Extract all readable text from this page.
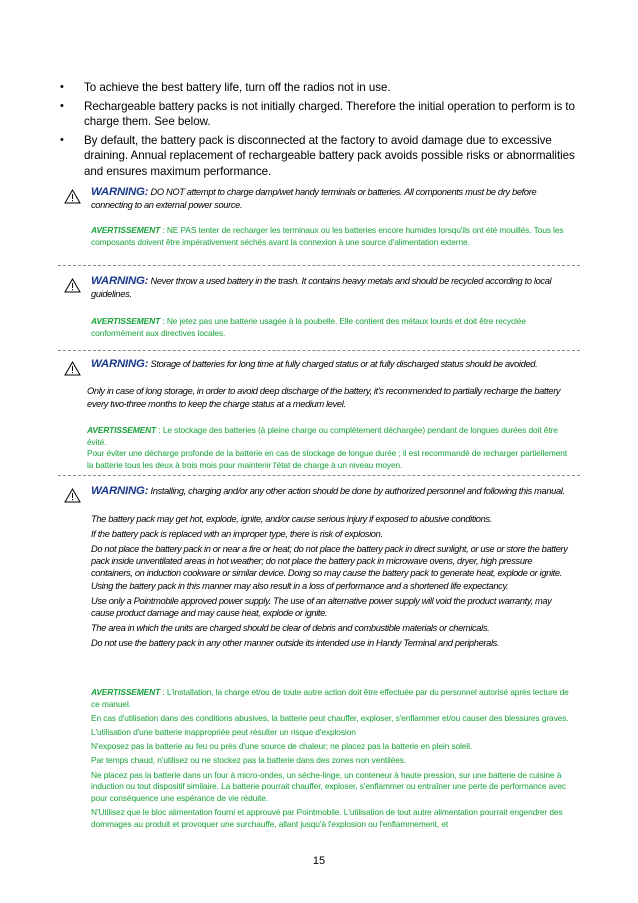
• To achieve the best battery life, turn off the radios not in use.
• Rechargeable battery packs is not initially charged. Therefore the initial operation to perform is to charge them. See below.
• By default, the battery pack is disconnected at the factory to avoid damage due to excessive draining. Annual replacement of rechargeable battery pack avoids possible risks or abnormalities and ensures maximum performance.

WARNING: DO NOT attempt to charge damp/wet handy terminals or batteries. All components must be dry before connecting to an external power source.

AVERTISSEMENT : NE PAS tenter de recharger les terminaux ou les batteries encore humides lorsqu'ils ont été mouillés. Tous les composants doivent être impérativement séchés avant la connexion à une source d'alimentation externe.

WARNING: Never throw a used battery in the trash. It contains heavy metals and should be recycled according to local guidelines.

AVERTISSEMENT : Ne jetez pas une batterie usagée à la poubelle. Elle contient des métaux lourds et doit être recyclée conformément aux directives locales.

WARNING: Storage of batteries for long time at fully charged status or at fully discharged status should be avoided.

Only in case of long storage, in order to avoid deep discharge of the battery, it's recommended to partially recharge the battery every two-three months to keep the charge status at a medium level.

AVERTISSEMENT : Le stockage des batteries (à pleine charge ou complètement déchargée) pendant de longues durées doit être évité.

Pour éviter une décharge profonde de la batterie en cas de stockage de longue durée ; il est recommandé de recharger partiellement la batterie tous les deux à trois mois pour maintenir l'état de charge à un niveau moyen.

WARNING: Installing, charging and/or any other action should be done by authorized personnel and following this manual.

The battery pack may get hot, explode, ignite, and/or cause serious injury if exposed to abusive conditions.

If the battery pack is replaced with an improper type, there is risk of explosion.

Do not place the battery pack in or near a fire or heat; do not place the battery pack in direct sunlight, or use or store the battery pack inside unventilated areas in hot weather; do not place the battery pack in microwave ovens, dryer, high pressure containers, on induction cookware or similar device. Doing so may cause the battery pack to generate heat, explode or ignite. Using the battery pack in this manner may also result in a loss of performance and a shortened life expectancy.

Use only a Pointmobile approved power supply. The use of an alternative power supply will void the product warranty, may cause product damage and may cause heat, explode or ignite.

The area in which the units are charged should be clear of debris and combustible materials or chemicals.

Do not use the battery pack in any other manner outside its intended use in Handy Terminal and peripherals.

AVERTISSEMENT : L'installation, la charge et/ou de toute autre action doit être effectuée par du personnel autorisé après lecture de ce manuel.

En cas d'utilisation dans des conditions abusives, la batterie peut chauffer, exploser, s'enflammer et/ou causer des blessures graves.

L'utilisation d'une batterie inappropriée peut résulter un risque d'explosion

N'exposez pas la batterie au feu ou près d'une source de chaleur; ne placez pas la batterie en plein soleil.

Par temps chaud, n'utilisez ou ne stockez pas la batterie dans des zones non ventilées.

Ne placez pas la batterie dans un four à micro-ondes, un sèche-linge, un conteneur à haute pression, sur une batterie de cuisine à induction ou tout dispositif similaire. La batterie pourrait chauffer, exploser, s'enflammer ou entraîner une perte de performance avec pour conséquence une espérance de vie réduite.

N'Utilisez que le bloc alimentation fourni et approuvé par Pointmobile. L'utilisation de tout autre alimentation pourrait engendrer des dommages au produit et provoquer une surchauffe, allant jusqu'à l'explosion ou l'enflammement, et

15
